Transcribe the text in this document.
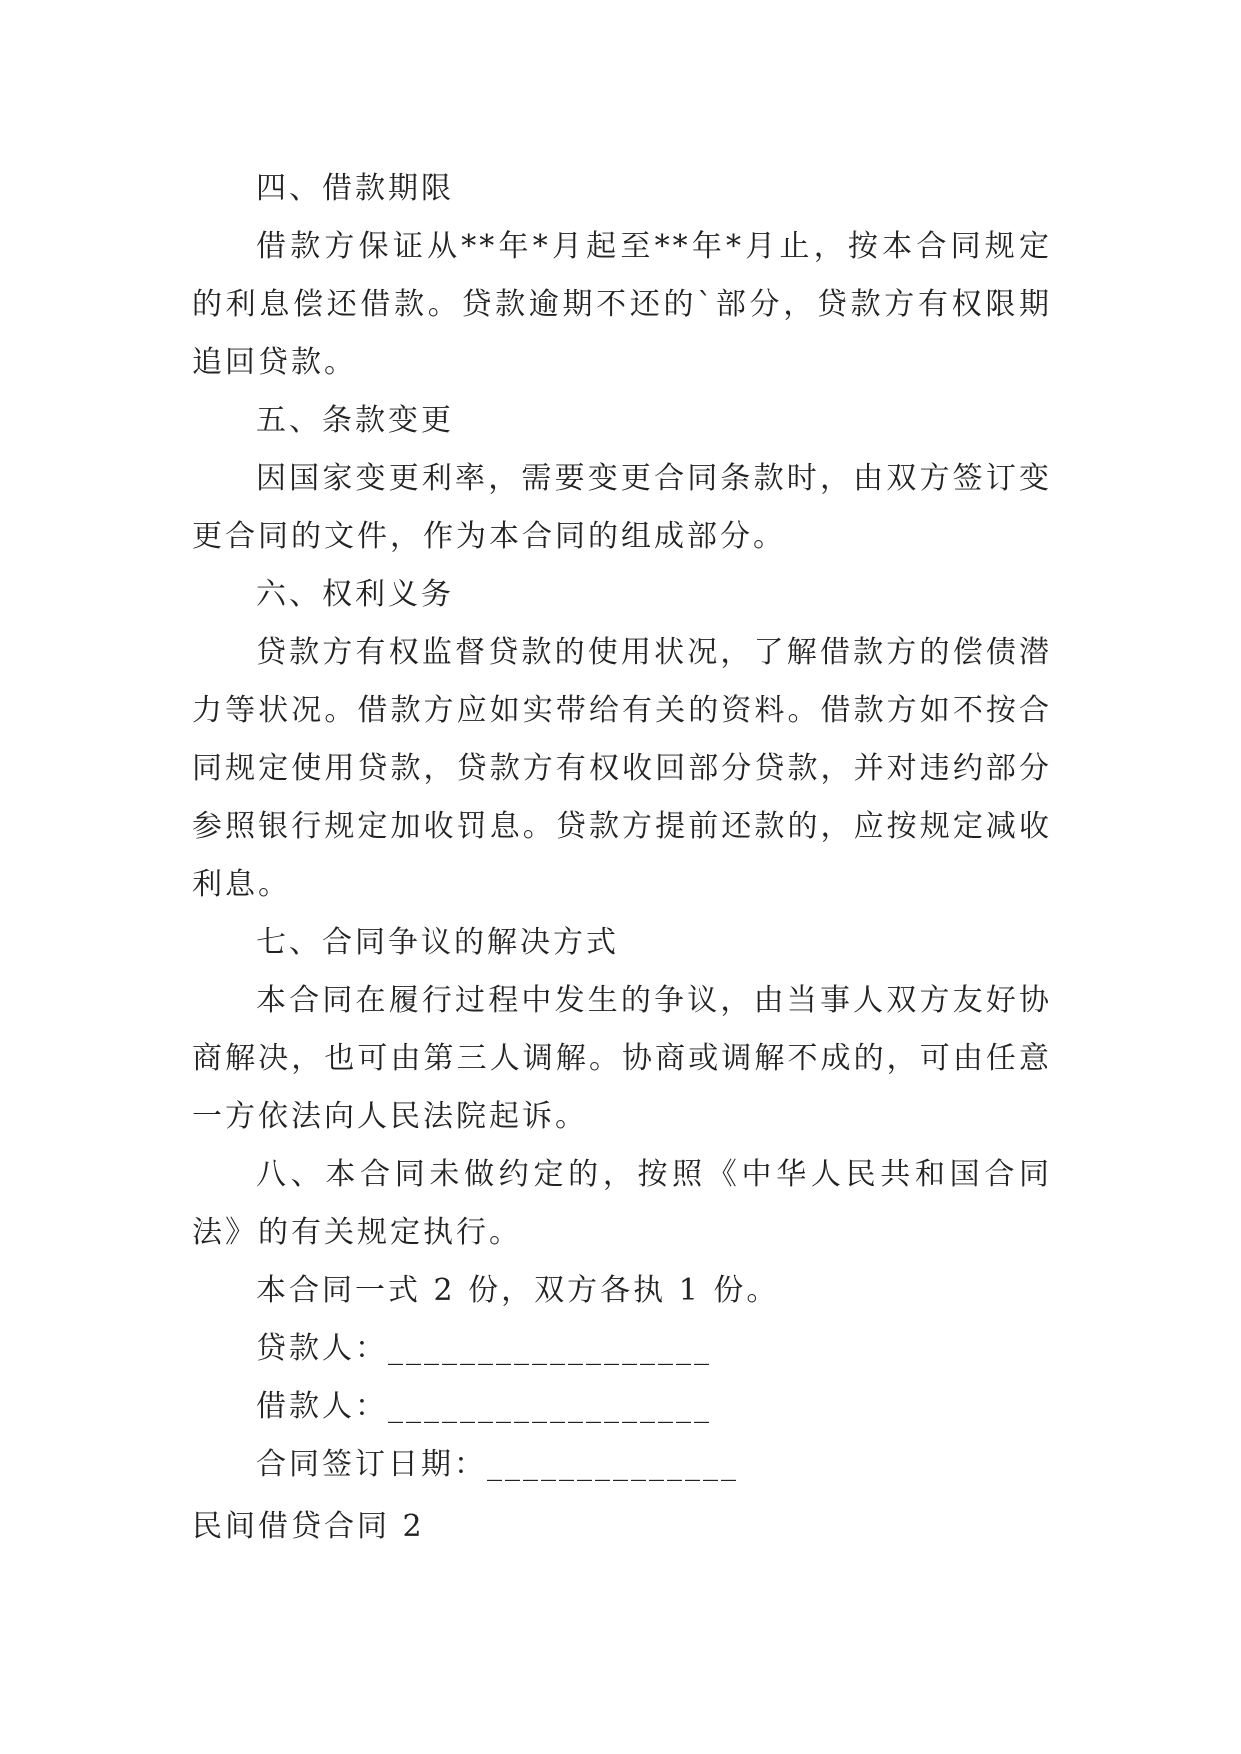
四、借款期限

借款方保证从**年*月起至**年*月止，按本合同规定的利息偿还借款。贷款逾期不还的`部分，贷款方有权限期追回贷款。

五、条款变更

因国家变更利率，需要变更合同条款时，由双方签订变更合同的文件，作为本合同的组成部分。

六、权利义务

贷款方有权监督贷款的使用状况，了解借款方的偿债潜力等状况。借款方应如实带给有关的资料。借款方如不按合同规定使用贷款，贷款方有权收回部分贷款，并对违约部分参照银行规定加收罚息。贷款方提前还款的，应按规定减收利息。

七、合同争议的解决方式

本合同在履行过程中发生的争议，由当事人双方友好协商解决，也可由第三人调解。协商或调解不成的，可由任意一方依法向人民法院起诉。

八、本合同未做约定的，按照《中华人民共和国合同法》的有关规定执行。

本合同一式 2 份，双方各执 1 份。

贷款人：__________________

借款人：__________________

合同签订日期：______________

民间借贷合同 2
